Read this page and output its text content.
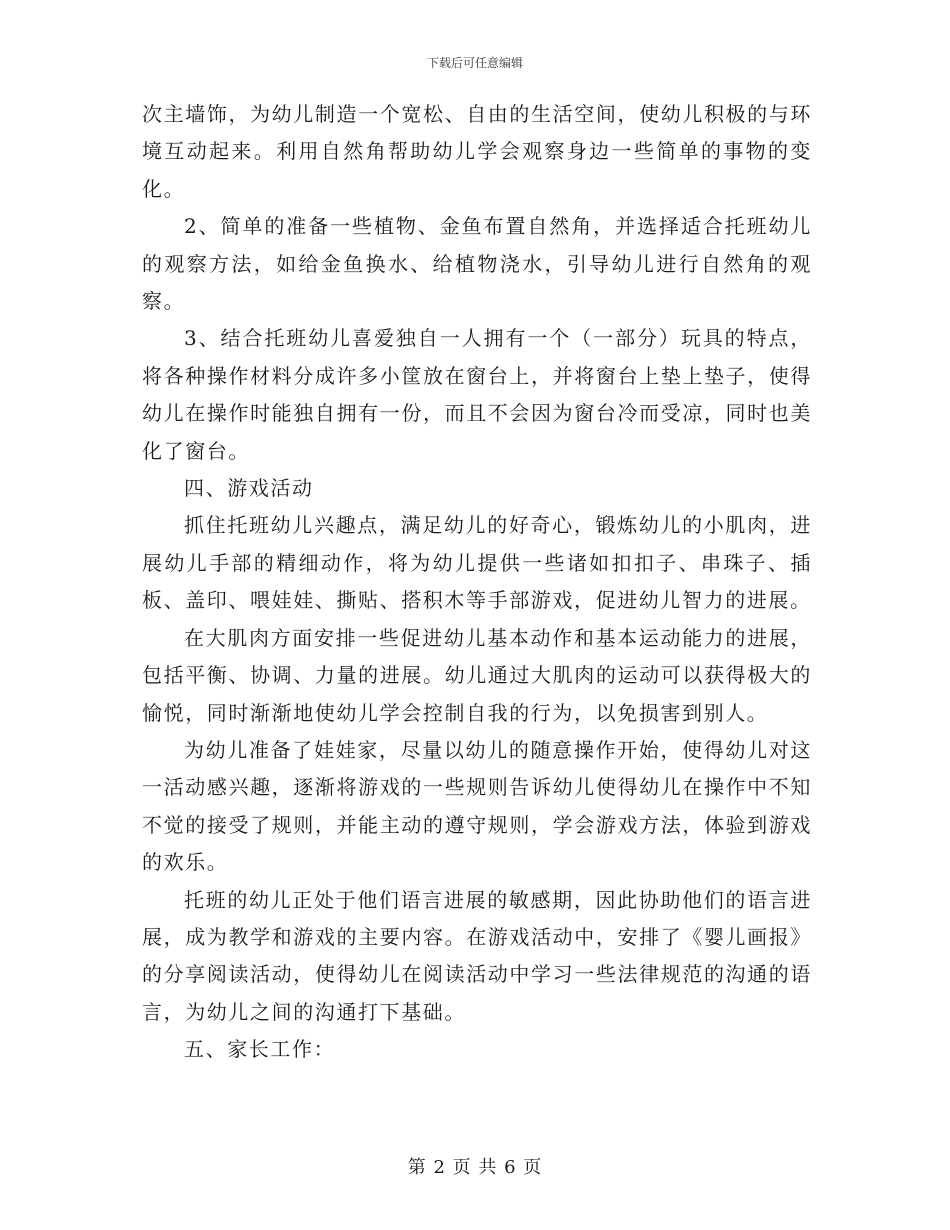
下载后可任意编辑

次主墙饰，为幼儿制造一个宽松、自由的生活空间，使幼儿积极的与环境互动起来。利用自然角帮助幼儿学会观察身边一些简单的事物的变化。

2、简单的准备一些植物、金鱼布置自然角，并选择适合托班幼儿的观察方法，如给金鱼换水、给植物浇水，引导幼儿进行自然角的观察。

3、结合托班幼儿喜爱独自一人拥有一个（一部分）玩具的特点，将各种操作材料分成许多小筐放在窗台上，并将窗台上垫上垫子，使得幼儿在操作时能独自拥有一份，而且不会因为窗台冷而受凉，同时也美化了窗台。

四、游戏活动

抓住托班幼儿兴趣点，满足幼儿的好奇心，锻炼幼儿的小肌肉，进展幼儿手部的精细动作，将为幼儿提供一些诸如扣扣子、串珠子、插板、盖印、喂娃娃、撕贴、搭积木等手部游戏，促进幼儿智力的进展。

在大肌肉方面安排一些促进幼儿基本动作和基本运动能力的进展，包括平衡、协调、力量的进展。幼儿通过大肌肉的运动可以获得极大的愉悦，同时渐渐地使幼儿学会控制自我的行为，以免损害到别人。

为幼儿准备了娃娃家，尽量以幼儿的随意操作开始，使得幼儿对这一活动感兴趣，逐渐将游戏的一些规则告诉幼儿使得幼儿在操作中不知不觉的接受了规则，并能主动的遵守规则，学会游戏方法，体验到游戏的欢乐。

托班的幼儿正处于他们语言进展的敏感期，因此协助他们的语言进展，成为教学和游戏的主要内容。在游戏活动中，安排了《婴儿画报》的分享阅读活动，使得幼儿在阅读活动中学习一些法律规范的沟通的语言，为幼儿之间的沟通打下基础。

五、家长工作：

第 2 页 共 6 页
